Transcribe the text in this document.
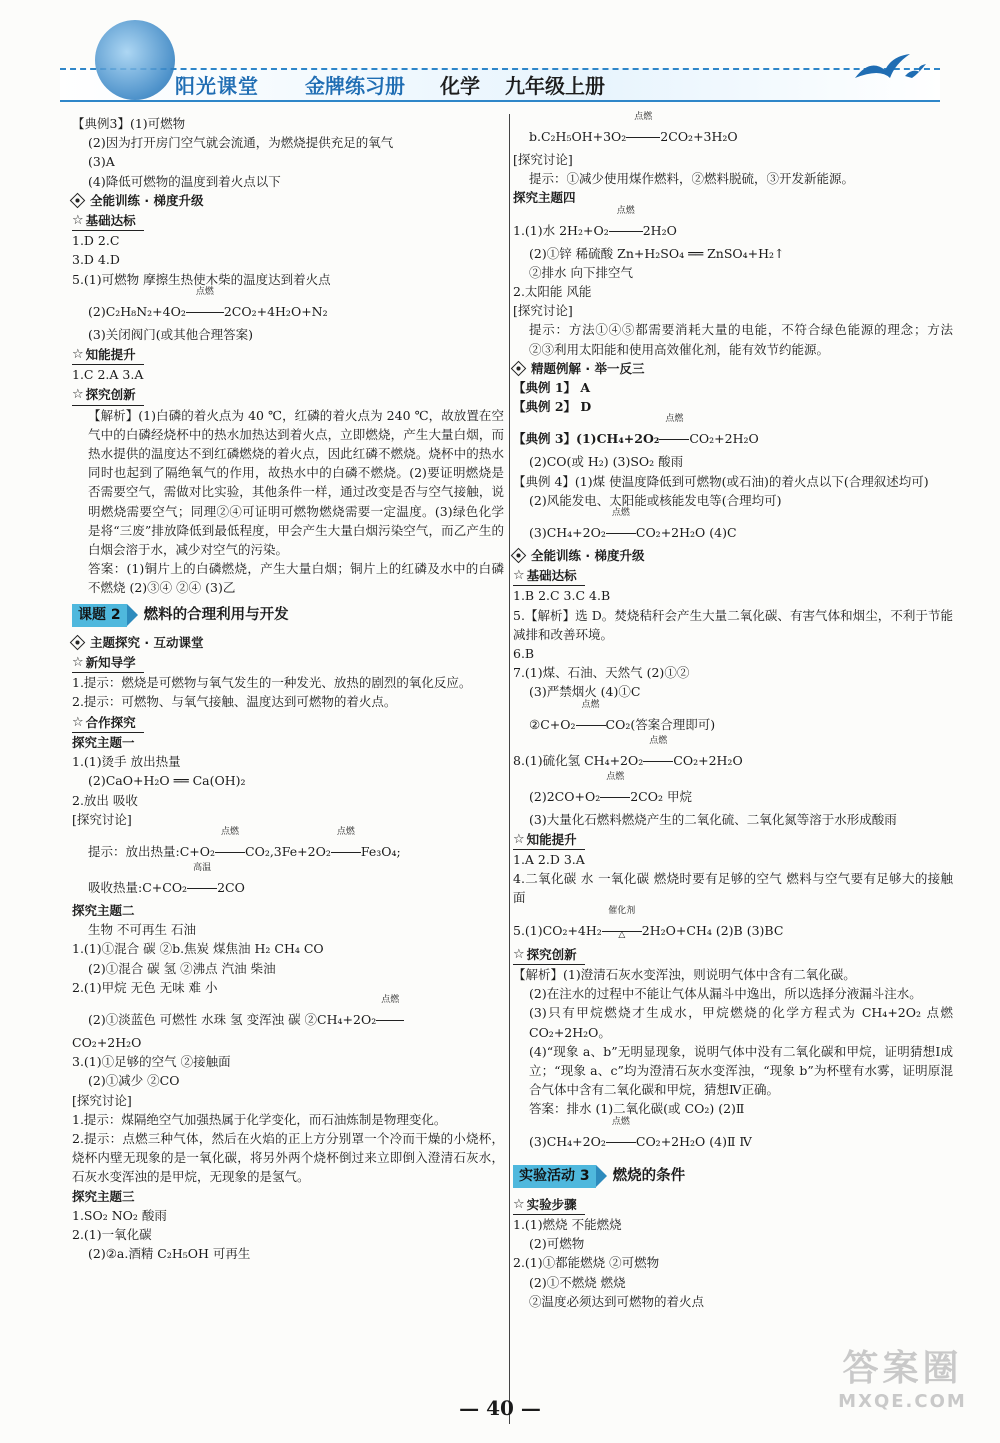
阳光课堂 金牌练习册 化学 九年级上册
【典例3】(1)可燃物
(2)因为打开房门空气就会流通，为燃烧提供充足的氧气
(3)A
(4)降低可燃物的温度到着火点以下
全能训练 · 梯度升级
☆ 基础达标
1.D 2.C
3.D 4.D
5.(1)可燃物 摩擦生热使木柴的温度达到着火点
(2)C₂H₈N₂+4O₂
点燃
2CO₂+4H₂O+N₂
(3)关闭阀门(或其他合理答案)
☆ 知能提升
1.C 2.A 3.A
☆ 探究创新
【解析】(1)白磷的着火点为 40 ℃，红磷的着火点为 240 ℃，故放置在空气中的白磷经烧杯中的热水加热达到着火点，立即燃烧，产生大量白烟，而热水提供的温度达不到红磷燃烧的着火点，因此红磷不燃烧。烧杯中的热水同时也起到了隔绝氧气的作用，故热水中的白磷不燃烧。(2)要证明燃烧是否需要空气，需做对比实验，其他条件一样，通过改变是否与空气接触，说明燃烧需要空气；同理②④可证明可燃物燃烧需要一定温度。(3)绿色化学是将“三废”排放降低到最低程度，甲会产生大量白烟污染空气，而乙产生的白烟会溶于水，减少对空气的污染。
答案：(1)铜片上的白磷燃烧，产生大量白烟；铜片上的红磷及水中的白磷不燃烧 (2)③④ ②④ (3)乙
课题 2	燃料的合理利用与开发
主题探究 · 互动课堂
☆ 新知导学
1.提示：燃烧是可燃物与氧气发生的一种发光、放热的剧烈的氧化反应。
2.提示：可燃物、与氧气接触、温度达到可燃物的着火点。
☆ 合作探究
探究主题一
1.(1)烫手 放出热量
(2)CaO+H₂O ══ Ca(OH)₂
2.放出 吸收
[探究讨论]
提示：放出热量:C+O₂
点燃
CO₂,3Fe+2O₂
点燃
Fe₃O₄;
吸收热量:C+CO₂
高温
2CO
探究主题二
生物 不可再生 石油
1.(1)①混合 碳 ②b.焦炭 煤焦油 H₂ CH₄ CO
(2)①混合 碳 氢 ②沸点 汽油 柴油
2.(1)甲烷 无色 无味 难 小
(2)①淡蓝色 可燃性 水珠 氢 变浑浊 碳 ②CH₄+2O₂
点燃
CO₂+2H₂O
3.(1)①足够的空气 ②接触面
(2)①减少 ②CO
[探究讨论]
1.提示：煤隔绝空气加强热属于化学变化，而石油炼制是物理变化。
2.提示：点燃三种气体，然后在火焰的正上方分别罩一个冷而干燥的小烧杯，烧杯内壁无现象的是一氧化碳，将另外两个烧杯倒过来立即倒入澄清石灰水，石灰水变浑浊的是甲烷，无现象的是氢气。
探究主题三
1.SO₂ NO₂ 酸雨
2.(1)一氧化碳
(2)②a.酒精 C₂H₅OH 可再生
b.C₂H₅OH+3O₂
点燃
2CO₂+3H₂O
[探究讨论]
提示：①减少使用煤作燃料，②燃料脱硫，③开发新能源。
探究主题四
1.(1)水 2H₂+O₂
点燃
2H₂O
(2)①锌 稀硫酸 Zn+H₂SO₄ ══ ZnSO₄+H₂↑
②排水 向下排空气
2.太阳能 风能
[探究讨论]
提示：方法①④⑤都需要消耗大量的电能，不符合绿色能源的理念；方法②③利用太阳能和使用高效催化剂，能有效节约能源。
精题例解 · 举一反三
【典例 1】 A
【典例 2】 D
【典例 3】(1)CH₄+2O₂
点燃
CO₂+2H₂O
(2)CO(或 H₂) (3)SO₂ 酸雨
【典例 4】(1)煤 使温度降低到可燃物(或石油)的着火点以下(合理叙述均可)
(2)风能发电、太阳能或核能发电等(合理均可)
(3)CH₄+2O₂
点燃
CO₂+2H₂O (4)C
全能训练 · 梯度升级
☆ 基础达标
1.B 2.C 3.C 4.B
5.【解析】选 D。焚烧秸秆会产生大量二氧化碳、有害气体和烟尘，不利于节能减排和改善环境。
6.B
7.(1)煤、石油、天然气 (2)①②
(3)严禁烟火 (4)①C
②C+O₂
点燃
CO₂(答案合理即可)
8.(1)硫化氢 CH₄+2O₂
点燃
CO₂+2H₂O
(2)2CO+O₂
点燃
2CO₂ 甲烷
(3)大量化石燃料燃烧产生的二氧化硫、二氧化氮等溶于水形成酸雨
☆ 知能提升
1.A 2.D 3.A
4.二氧化碳 水 一氧化碳 燃烧时要有足够的空气 燃料与空气要有足够大的接触面
5.(1)CO₂+4H₂
催化剂
△	2H₂O+CH₄ (2)B (3)BC
☆ 探究创新
【解析】(1)澄清石灰水变浑浊，则说明气体中含有二氧化碳。
(2)在注水的过程中不能让气体从漏斗中逸出，所以选择分液漏斗注水。
(3)只有甲烷燃烧才生成水，甲烷燃烧的化学方程式为 CH₄+2O₂ 点燃 CO₂+2H₂O。
(4)“现象 a、b”无明显现象，说明气体中没有二氧化碳和甲烷，证明猜想Ⅰ成立；“现象 a、c”均为澄清石灰水变浑浊，“现象 b”为杯壁有水雾，证明原混合气体中含有二氧化碳和甲烷，猜想Ⅳ正确。
答案：排水 (1)二氧化碳(或 CO₂) (2)Ⅱ
(3)CH₄+2O₂
点燃
CO₂+2H₂O (4)Ⅱ Ⅳ
实验活动 3	燃烧的条件
☆ 实验步骤
1.(1)燃烧 不能燃烧
(2)可燃物
2.(1)①都能燃烧 ②可燃物
(2)①不燃烧 燃烧
②温度必须达到可燃物的着火点
— 40 —
答案圈
MXQE.COM
